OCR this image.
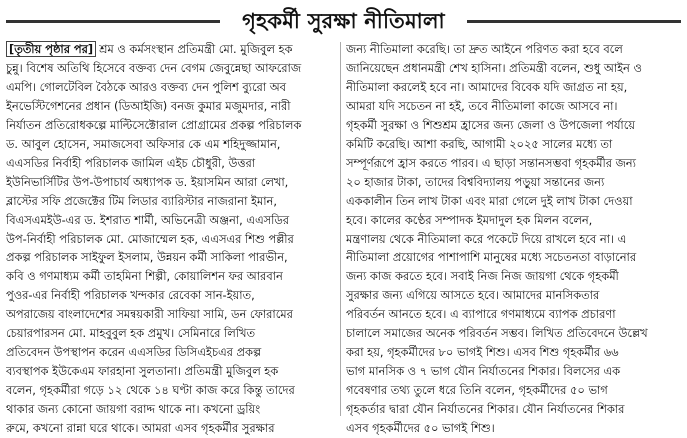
গৃহকর্মী সুরক্ষা নীতিমালা
[তৃতীয় পৃষ্ঠার পর] শ্রম ও কর্মসংস্থান প্রতিমন্ত্রী মো. মুজিবুল হক
চুন্নু। বিশেষ অতিথি হিসেবে বক্তব্য দেন বেগম জেবুন্নেছা আফরোজ
এমপি। গোলটেবিল বৈঠকে আরও বক্তব্য দেন পুলিশ ব্যুরো অব
ইনভেস্টিগেশনের প্রধান (ডিআইজি) বনজ কুমার মজুমদার, নারী
নির্যাতন প্রতিরোধকল্পে মাল্টিসেক্টোরাল প্রোগ্রামের প্রকল্প পরিচালক
ড. আবুল হোসেন, সমাজসেবা অফিসার কে এম শহিদুজ্জামান,
এএসডির নির্বাহী পরিচালক জামিল এইচ চৌধুরী, উত্তরা
ইউনিভার্সিটির উপ-উপাচার্য অধ্যাপক ড. ইয়াসমিন আরা লেখা,
ব্লাস্টের সফি প্রজেক্টের টিম লিডার ব্যারিস্টার নাজরানা ইমান,
বিএসএমইউ-এর ড. ইশরাত শার্মী, অভিনেত্রী অঞ্জনা, এএসডির
উপ-নির্বাহী পরিচালক মো. মোজাম্মেল হক, এএসএর শিশু পল্লীর
প্রকল্প পরিচালক সাইফুল ইসলাম, উন্নয়ন কর্মী সাকিলা পারভীন,
কবি ও গণমাধ্যম কর্মী তাহমিনা শিল্পী, কোয়ালিশন ফর আরবান
পুওর-এর নির্বাহী পরিচালক খন্দকার রেবেকা সান-ইয়াত,
অপরাজেয় বাংলাদেশের সমন্বয়কারী সাফিয়া সামি, ডন ফোরামের
চেয়ারপারসন মো. মাহবুবুল হক প্রমুখ। সেমিনারে লিখিত
প্রতিবেদন উপস্থাপন করেন এএসডির ডিসিএইচএর প্রকল্প
ব্যবস্থাপক ইউকেএম ফারহানা সুলতানা। প্রতিমন্ত্রী মুজিবুল হক
বলেন, গৃহকর্মীরা গড়ে ১২ থেকে ১৪ ঘণ্টা কাজ করে কিন্তু তাদের
থাকার জন্য কোনো জায়গা বরাদ্দ থাকে না। কখনো ড্রয়িং
রুমে, কখনো রান্না ঘরে থাকে। আমরা এসব গৃহকর্মীর সুরক্ষার
জন্য নীতিমালা করেছি। তা দ্রুত আইনে পরিণত করা হবে বলে
জানিয়েছেন প্রধানমন্ত্রী শেখ হাসিনা। প্রতিমন্ত্রী বলেন, শুধু আইন ও
নীতিমালা করলেই হবে না। আমাদের বিবেক যদি জাগ্রত না হয়,
আমরা যদি সচেতন না হই, তবে নীতিমালা কাজে আসবে না।
গৃহকর্মী সুরক্ষা ও শিশুশ্রম হ্রাসের জন্য জেলা ও উপজেলা পর্যায়ে
কমিটি করেছি। আশা করছি, আগামী ২০২৫ সালের মধ্যে তা
সম্পূর্ণরূপে হ্রাস করতে পারব। এ ছাড়া সন্তানসম্ভবা গৃহকর্মীর জন্য
২০ হাজার টাকা, তাদের বিশ্ববিদ্যালয় পড়ুয়া সন্তানের জন্য
এককালীন তিন লাখ টাকা এবং মারা গেলে দুই লাখ টাকা দেওয়া
হবে। কালের কণ্ঠের সম্পাদক ইমদাদুল হক মিলন বলেন,
মন্ত্রণালয় থেকে নীতিমালা করে পকেটে দিয়ে রাখলে হবে না। এ
নীতিমালা প্রয়োগের পাশাপাশি মানুষের মধ্যে সচেতনতা বাড়ানোর
জন্য কাজ করতে হবে। সবাই নিজ নিজ জায়গা থেকে গৃহকর্মী
সুরক্ষার জন্য এগিয়ে আসতে হবে। আমাদের মানসিকতার
পরিবর্তন আনতে হবে। এ ব্যাপারে গণমাধ্যমে ব্যাপক প্রচারণা
চালালে সমাজের অনেক পরিবর্তন সম্ভব। লিখিত প্রতিবেদনে উল্লেখ
করা হয়, গৃহকর্মীদের ৮০ ভাগই শিশু। এসব শিশু গৃহকর্মীর ৬৬
ভাগ মানসিক ও ৭ ভাগ যৌন নির্যাতনের শিকার। বিলসের এক
গবেষণার তথ্য তুলে ধরে তিনি বলেন, গৃহকর্মীদের ৫০ ভাগ
গৃহকর্তার দ্বারা যৌন নির্যাতনের শিকার। যৌন নির্যাতনের শিকার
এসব গৃহকর্মীদের ৫০ ভাগই শিশু।
